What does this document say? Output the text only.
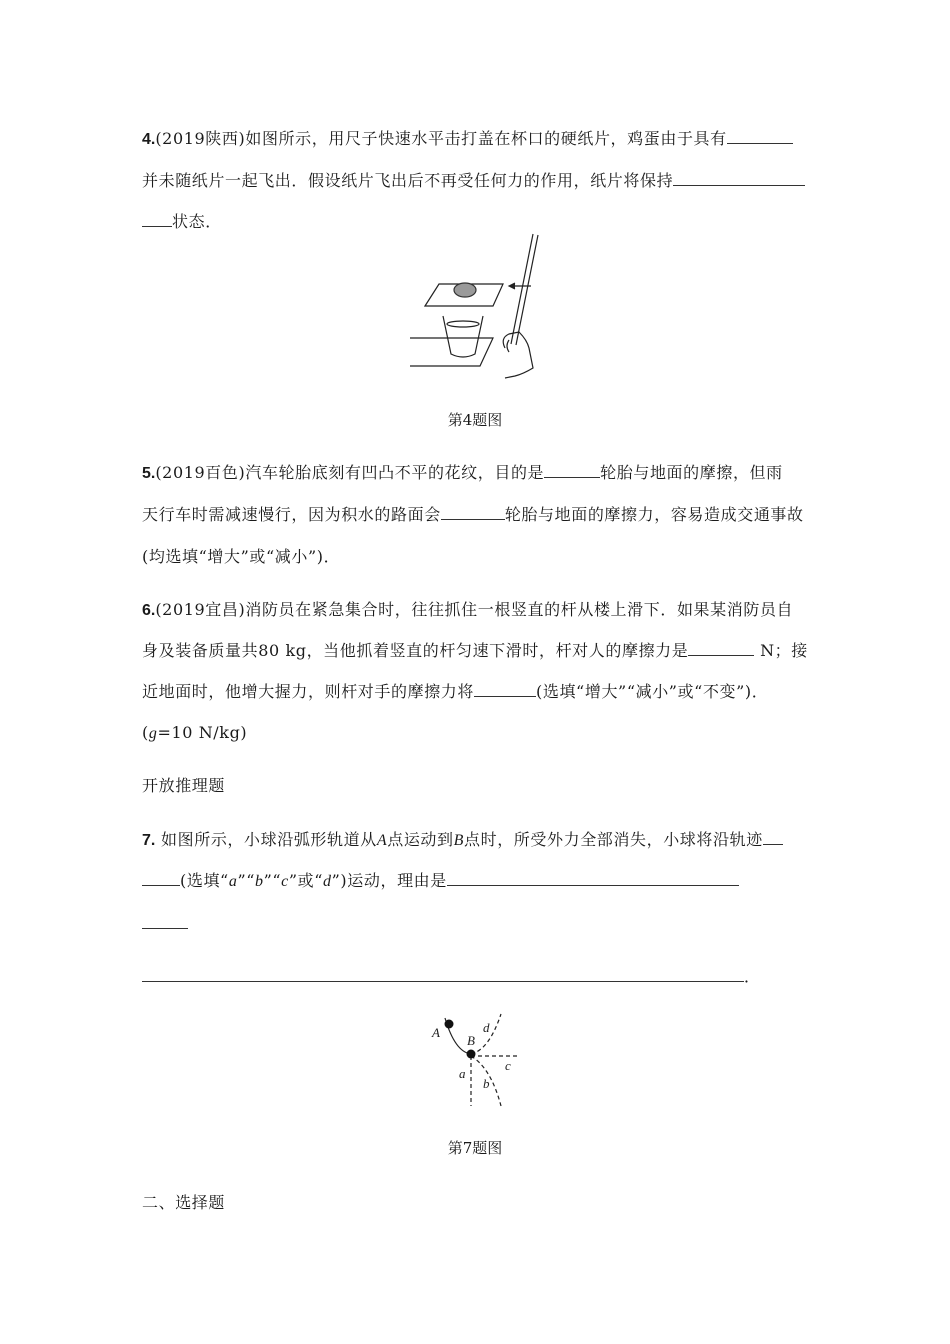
4.(2019陕西)如图所示，用尺子快速水平击打盖在杯口的硬纸片，鸡蛋由于具有
并未随纸片一起飞出．假设纸片飞出后不再受任何力的作用，纸片将保持
状态．
第4题图
5.(2019百色)汽车轮胎底刻有凹凸不平的花纹，目的是	轮胎与地面的摩擦，但雨
天行车时需减速慢行，因为积水的路面会	轮胎与地面的摩擦力，容易造成交通事故
(均选填“增大”或“减小”)．
6.(2019宜昌)消防员在紧急集合时，往往抓住一根竖直的杆从楼上滑下．如果某消防员自
身及装备质量共80 kg，当他抓着竖直的杆匀速下滑时，杆对人的摩擦力是	N；接
近地面时，他增大握力，则杆对手的摩擦力将	(选填“增大”“减小”或“不变”)．
(g=10 N/kg)
开放推理题
7. 如图所示，小球沿弧形轨道从A点运动到B点时，所受外力全部消失，小球将沿轨迹
(选填“a”“b”“c”或“d”)运动，理由是
．
A
B
a
b
c
d
第7题图
二、选择题
